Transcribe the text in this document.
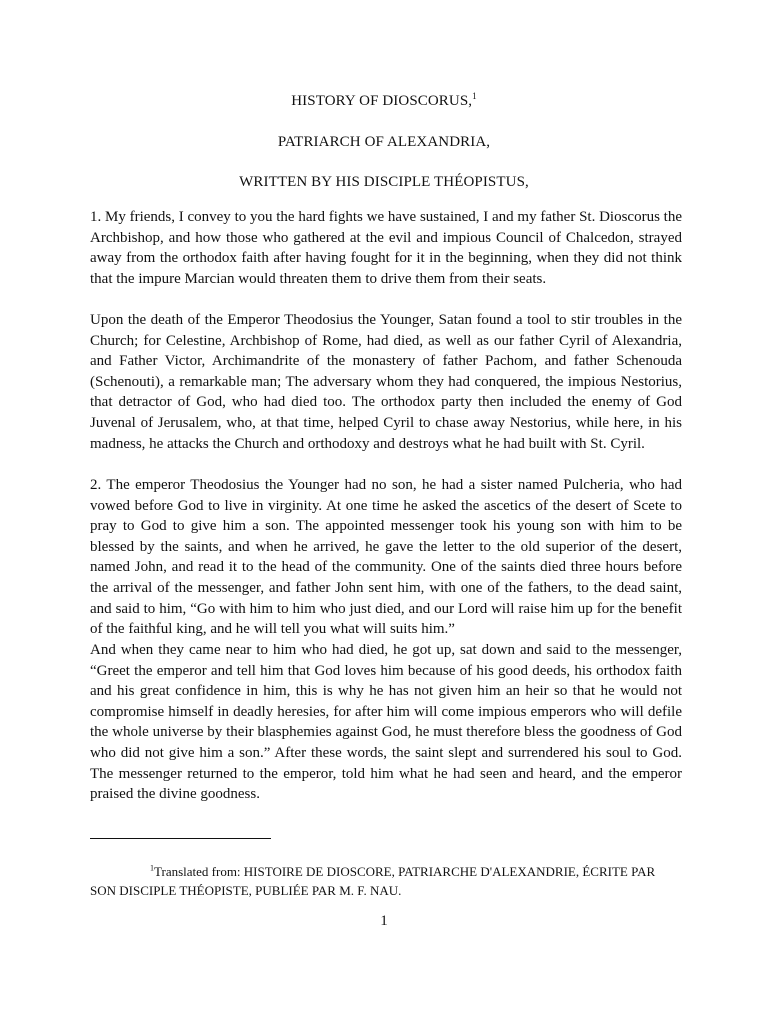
HISTORY OF DIOSCORUS,$^1$
PATRIARCH OF ALEXANDRIA,
WRITTEN BY HIS DISCIPLE THÉOPISTUS,

1. My friends, I convey to you the hard fights we have sustained, I and my father St. Dioscorus the Archbishop, and how those who gathered at the evil and impious Council of Chalcedon, strayed away from the orthodox faith after having fought for it in the beginning, when they did not think that the impure Marcian would threaten them to drive them from their seats.

Upon the death of the Emperor Theodosius the Younger, Satan found a tool to stir troubles in the Church; for Celestine, Archbishop of Rome, had died, as well as our father Cyril of Alexandria, and Father Victor, Archimandrite of the monastery of father Pachom, and father Schenouda (Schenouti), a remarkable man; The adversary whom they had conquered, the impious Nestorius, that detractor of God, who had died too. The orthodox party then included the enemy of God Juvenal of Jerusalem, who, at that time, helped Cyril to chase away Nestorius, while here, in his madness, he attacks the Church and orthodoxy and destroys what he had built with St. Cyril.

2. The emperor Theodosius the Younger had no son, he had a sister named Pulcheria, who had vowed before God to live in virginity. At one time he asked the ascetics of the desert of Scete to pray to God to give him a son. The appointed messenger took his young son with him to be blessed by the saints, and when he arrived, he gave the letter to the old superior of the desert, named John, and read it to the head of the community. One of the saints died three hours before the arrival of the messenger, and father John sent him, with one of the fathers, to the dead saint, and said to him, “Go with him to him who just died, and our Lord will raise him up for the benefit of the faithful king, and he will tell you what will suits him.”

And when they came near to him who had died, he got up, sat down and said to the messenger, “Greet the emperor and tell him that God loves him because of his good deeds, his orthodox faith and his great confidence in him, this is why he has not given him an heir so that he would not compromise himself in deadly heresies, for after him will come impious emperors who will defile the whole universe by their blasphemies against God, he must therefore bless the goodness of God who did not give him a son.” After these words, the saint slept and surrendered his soul to God. The messenger returned to the emperor, told him what he had seen and heard, and the emperor praised the divine goodness.

$^1$Translated from: HISTOIRE DE DIOSCORE, PATRIARCHE D'ALEXANDRIE, ÉCRITE PAR SON DISCIPLE THÉOPISTE, PUBLIÉE PAR M. F. NAU.

1
